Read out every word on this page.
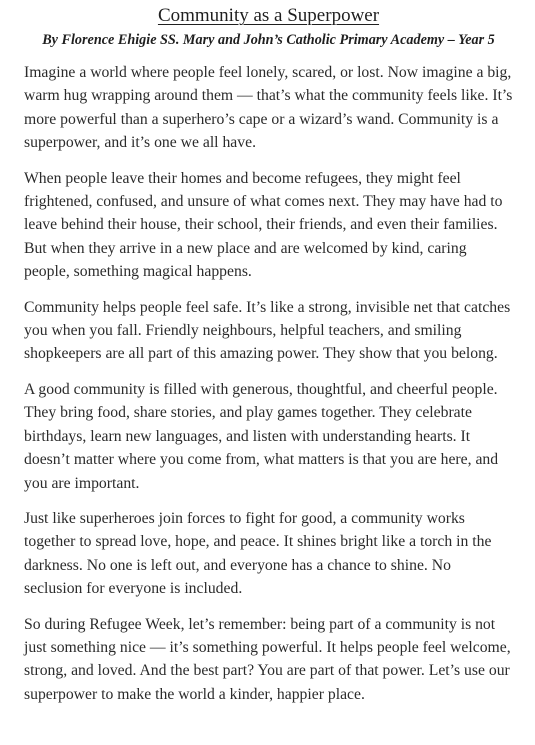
Community as a Superpower

By Florence Ehigie SS. Mary and John’s Catholic Primary Academy – Year 5

Imagine a world where people feel lonely, scared, or lost. Now imagine a big, warm hug wrapping around them — that’s what the community feels like. It’s more powerful than a superhero’s cape or a wizard’s wand. Community is a superpower, and it’s one we all have.

When people leave their homes and become refugees, they might feel frightened, confused, and unsure of what comes next. They may have had to leave behind their house, their school, their friends, and even their families. But when they arrive in a new place and are welcomed by kind, caring people, something magical happens.

Community helps people feel safe. It’s like a strong, invisible net that catches you when you fall. Friendly neighbours, helpful teachers, and smiling shopkeepers are all part of this amazing power. They show that you belong.

A good community is filled with generous, thoughtful, and cheerful people. They bring food, share stories, and play games together. They celebrate birthdays, learn new languages, and listen with understanding hearts. It doesn’t matter where you come from, what matters is that you are here, and you are important.

Just like superheroes join forces to fight for good, a community works together to spread love, hope, and peace. It shines bright like a torch in the darkness. No one is left out, and everyone has a chance to shine. No seclusion for everyone is included.

So during Refugee Week, let’s remember: being part of a community is not just something nice — it’s something powerful. It helps people feel welcome, strong, and loved. And the best part? You are part of that power. Let’s use our superpower to make the world a kinder, happier place.
